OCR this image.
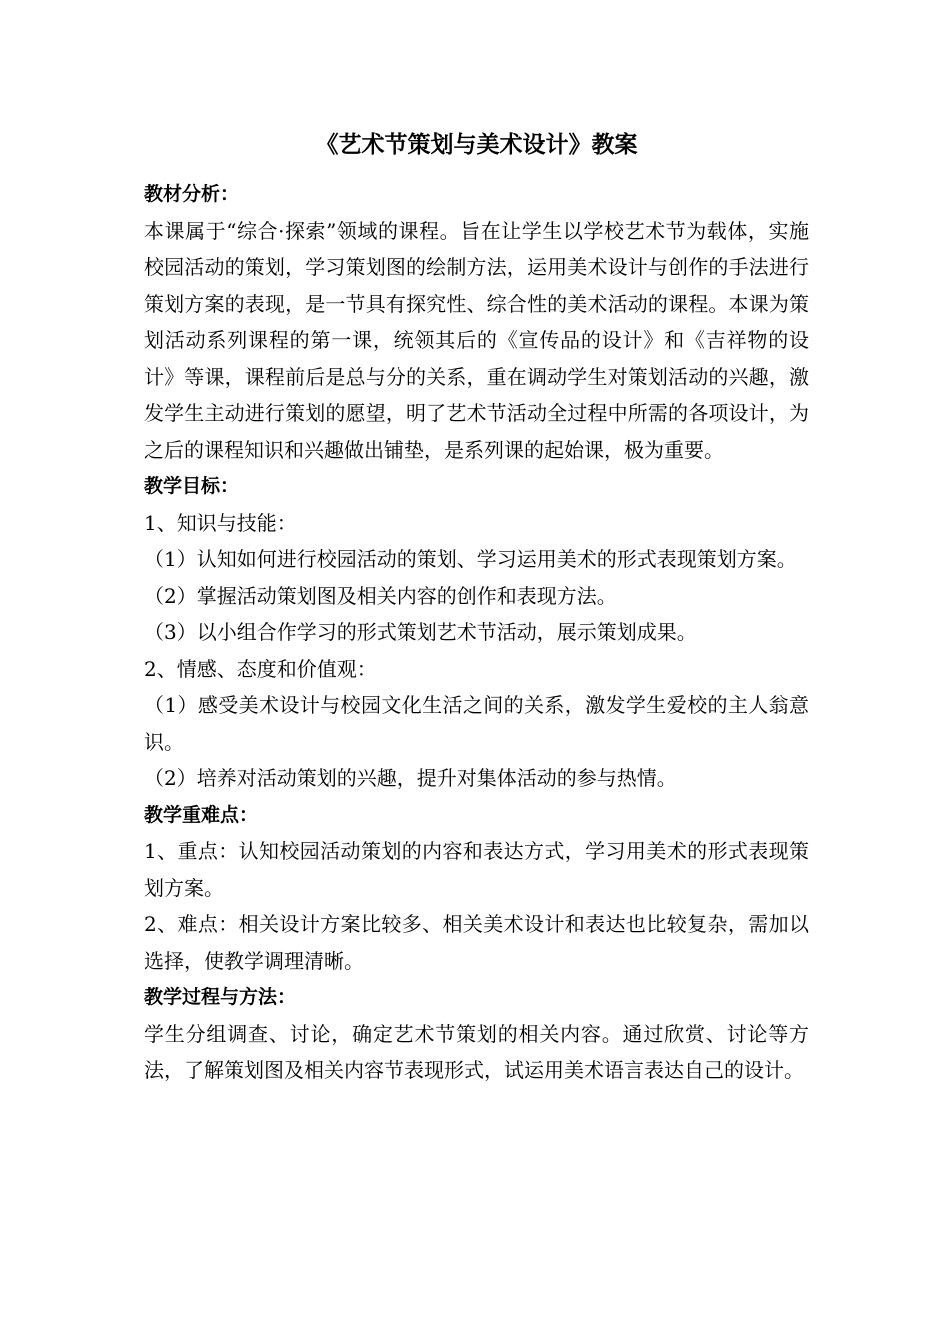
《艺术节策划与美术设计》教案

教材分析：

本课属于“综合·探索”领域的课程。旨在让学生以学校艺术节为载体，实施校园活动的策划，学习策划图的绘制方法，运用美术设计与创作的手法进行策划方案的表现，是一节具有探究性、综合性的美术活动的课程。本课为策划活动系列课程的第一课，统领其后的《宣传品的设计》和《吉祥物的设计》等课，课程前后是总与分的关系，重在调动学生对策划活动的兴趣，激发学生主动进行策划的愿望，明了艺术节活动全过程中所需的各项设计，为之后的课程知识和兴趣做出铺垫，是系列课的起始课，极为重要。

教学目标：

1、知识与技能：

（1）认知如何进行校园活动的策划、学习运用美术的形式表现策划方案。

（2）掌握活动策划图及相关内容的创作和表现方法。

（3）以小组合作学习的形式策划艺术节活动，展示策划成果。

2、情感、态度和价值观：

（1）感受美术设计与校园文化生活之间的关系，激发学生爱校的主人翁意识。

（2）培养对活动策划的兴趣，提升对集体活动的参与热情。

教学重难点：

1、重点：认知校园活动策划的内容和表达方式，学习用美术的形式表现策划方案。

2、难点：相关设计方案比较多、相关美术设计和表达也比较复杂，需加以选择，使教学调理清晰。

教学过程与方法：

学生分组调查、讨论，确定艺术节策划的相关内容。通过欣赏、讨论等方法，了解策划图及相关内容节表现形式，试运用美术语言表达自己的设计。
